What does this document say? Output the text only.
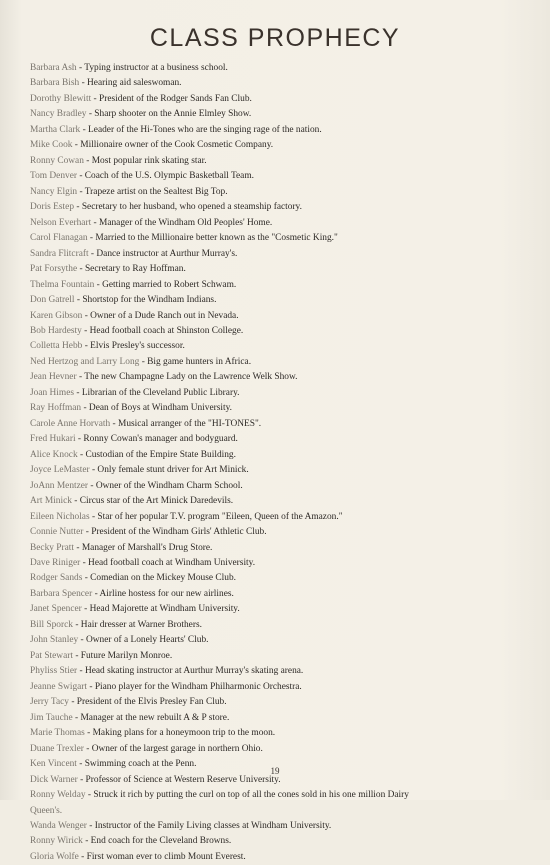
CLASS PROPHECY
Barbara Ash - Typing instructor at a business school.
Barbara Bish - Hearing aid saleswoman.
Dorothy Blewitt - President of the Rodger Sands Fan Club.
Nancy Bradley - Sharp shooter on the Annie Elmley Show.
Martha Clark - Leader of the Hi-Tones who are the singing rage of the nation.
Mike Cook - Millionaire owner of the Cook Cosmetic Company.
Ronny Cowan - Most popular rink skating star.
Tom Denver - Coach of the U.S. Olympic Basketball Team.
Nancy Elgin - Trapeze artist on the Sealtest Big Top.
Doris Estep - Secretary to her husband, who opened a steamship factory.
Nelson Everhart - Manager of the Windham Old Peoples' Home.
Carol Flanagan - Married to the Millionaire better known as the "Cosmetic King."
Sandra Flitcraft - Dance instructor at Aurthur Murray's.
Pat Forsythe - Secretary to Ray Hoffman.
Thelma Fountain - Getting married to Robert Schwam.
Don Gatrell - Shortstop for the Windham Indians.
Karen Gibson - Owner of a Dude Ranch out in Nevada.
Bob Hardesty - Head football coach at Shinston College.
Colletta Hebb - Elvis Presley's successor.
Ned Hertzog and Larry Long - Big game hunters in Africa.
Jean Hevner - The new Champagne Lady on the Lawrence Welk Show.
Joan Himes - Librarian of the Cleveland Public Library.
Ray Hoffman - Dean of Boys at Windham University.
Carole Anne Horvath - Musical arranger of the "HI-TONES".
Fred Hukari - Ronny Cowan's manager and bodyguard.
Alice Knock - Custodian of the Empire State Building.
Joyce LeMaster - Only female stunt driver for Art Minick.
JoAnn Mentzer - Owner of the Windham Charm School.
Art Minick - Circus star of the Art Minick Daredevils.
Eileen Nicholas - Star of her popular T.V. program "Eileen, Queen of the Amazon."
Connie Nutter - President of the Windham Girls' Athletic Club.
Becky Pratt - Manager of Marshall's Drug Store.
Dave Riniger - Head football coach at Windham University.
Rodger Sands - Comedian on the Mickey Mouse Club.
Barbara Spencer - Airline hostess for our new airlines.
Janet Spencer - Head Majorette at Windham University.
Bill Sporck - Hair dresser at Warner Brothers.
John Stanley - Owner of a Lonely Hearts' Club.
Pat Stewart - Future Marilyn Monroe.
Phyliss Stier - Head skating instructor at Aurthur Murray's skating arena.
Jeanne Swigart - Piano player for the Windham Philharmonic Orchestra.
Jerry Tacy - President of the Elvis Presley Fan Club.
Jim Tauche - Manager at the new rebuilt A & P store.
Marie Thomas - Making plans for a honeymoon trip to the moon.
Duane Trexler - Owner of the largest garage in northern Ohio.
Ken Vincent - Swimming coach at the Penn.
Dick Warner - Professor of Science at Western Reserve University.
Ronny Welday - Struck it rich by putting the curl on top of all the cones sold in his one million Dairy
Queen's.
Wanda Wenger - Instructor of the Family Living classes at Windham University.
Ronny Wirick - End coach for the Cleveland Browns.
Gloria Wolfe - First woman ever to climb Mount Everest.
19
